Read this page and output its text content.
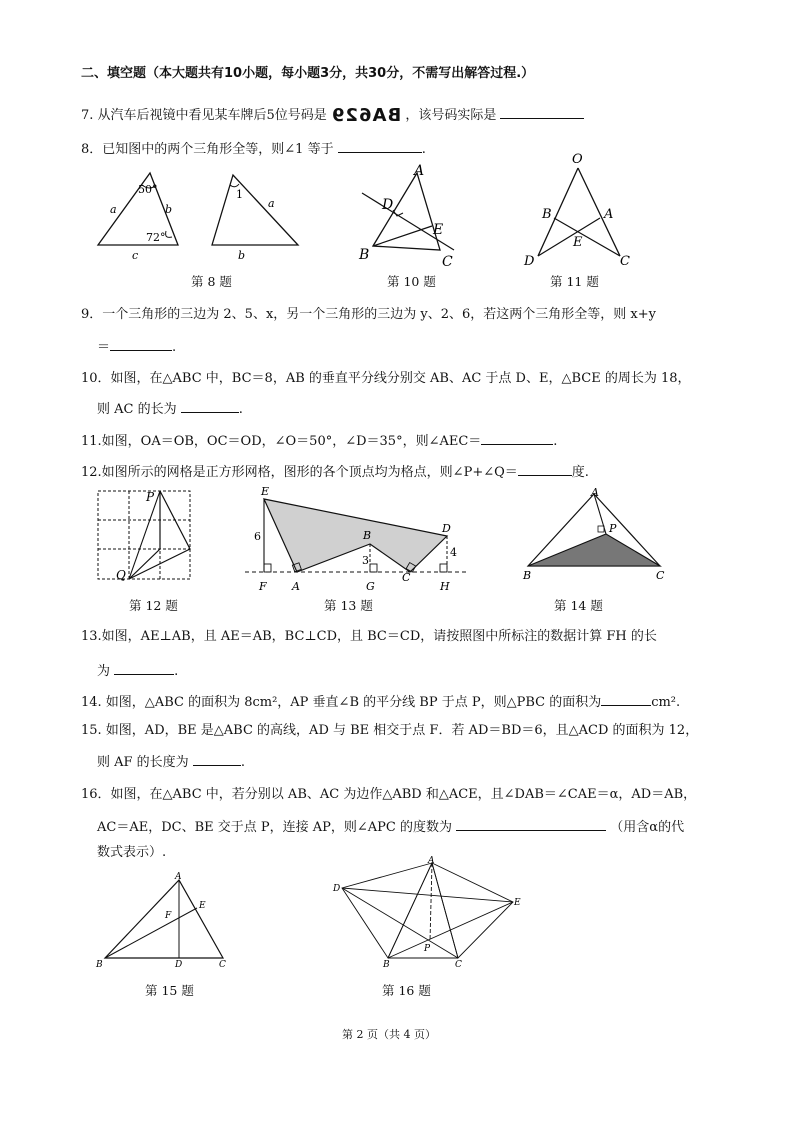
二、填空题（本大题共有10小题，每小题3分，共30分，不需写出解答过程.）
7. 从汽车后视镜中看见某车牌后5位号码是 BA629 ，该号码实际是
8．已知图中的两个三角形全等，则∠1 等于	.
50°
72°
a	b
c
1
a
b
第 8 题
A
D
E
B	C
第 10 题
O
B	A
E
D	C
第 11 题
9．一个三角形的三边为 2、5、x，另一个三角形的三边为 y、2、6，若这两个三角形全等，则 x+y
＝	.
10．如图，在△ABC 中，BC＝8，AB 的垂直平分线分别交 AB、AC 于点 D、E，△BCE 的周长为 18，
则 AC 的长为	.
11.如图，OA＝OB，OC＝OD，∠O＝50°，∠D＝35°，则∠AEC＝	.
12.如图所示的网格是正方形网格，图形的各个顶点均为格点，则∠P+∠Q＝	度.
P
Q
第 12 题
E
D
B
A
C
F	G	H
6
4
3
第 13 题
A
P
B	C
第 14 题
13.如图，AE⊥AB，且 AE＝AB，BC⊥CD，且 BC＝CD，请按照图中所标注的数据计算 FH 的长
为	.
14. 如图，△ABC 的面积为 8cm²，AP 垂直∠B 的平分线 BP 于点 P，则△PBC 的面积为	cm².
15. 如图，AD，BE 是△ABC 的高线，AD 与 BE 相交于点 F．若 AD＝BD＝6，且△ACD 的面积为 12，
则 AF 的长度为	.
16．如图，在△ABC 中，若分别以 AB、AC 为边作△ABD 和△ACE，且∠DAB＝∠CAE＝α，AD＝AB，
AC＝AE，DC、BE 交于点 P，连接 AP，则∠APC 的度数为	（用含α的代
数式表示）.
A
E
F
B	D	C
第 15 题
A
D
E
P
B	C
第 16 题
第 2 页（共 4 页）
